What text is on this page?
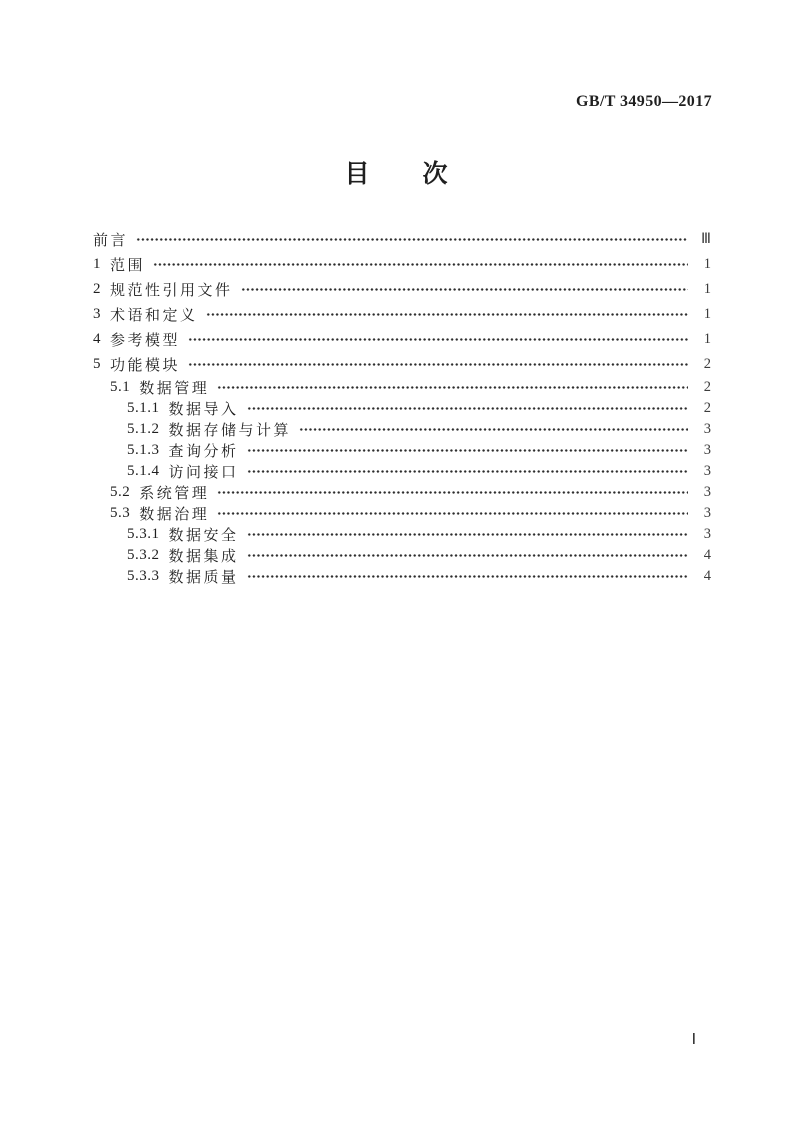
GB/T 34950—2017
目　　次
前言	Ⅲ
1 范围	1
2 规范性引用文件	1
3 术语和定义	1
4 参考模型	1
5 功能模块	2
5.1 数据管理	2
5.1.1 数据导入	2
5.1.2 数据存储与计算	3
5.1.3 查询分析	3
5.1.4 访问接口	3
5.2 系统管理	3
5.3 数据治理	3
5.3.1 数据安全	3
5.3.2 数据集成	4
5.3.3 数据质量	4
Ⅰ
